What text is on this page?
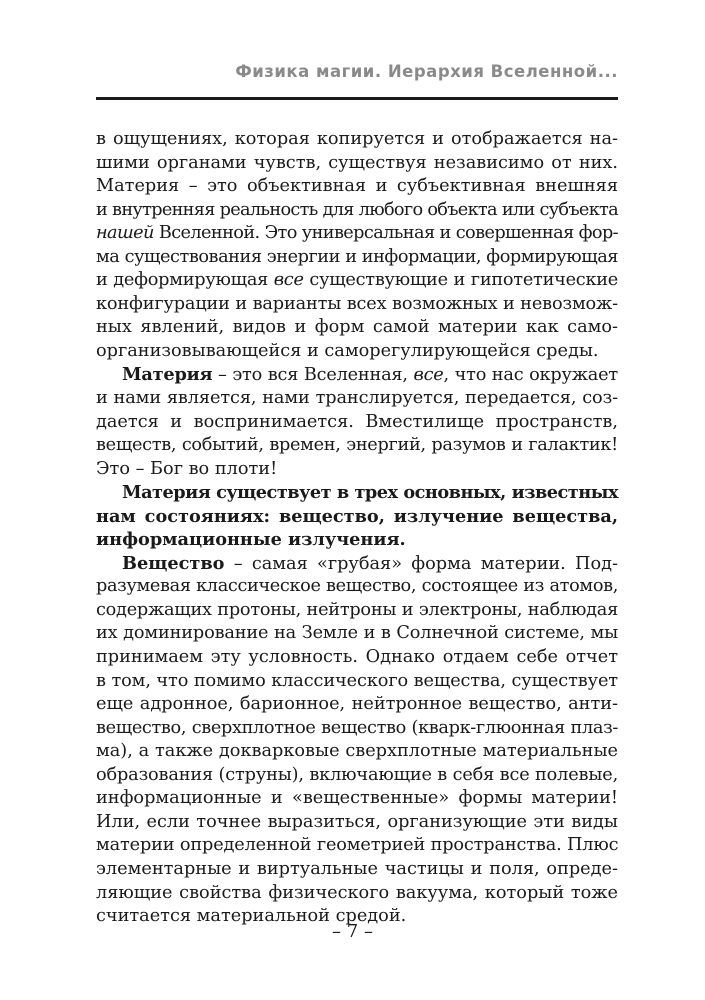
Физика магии. Иерархия Вселенной...
в ощущениях, которая копируется и отображается на-
шими органами чувств, существуя независимо от них.
Материя – это объективная и субъективная внешняя
и внутренняя реальность для любого объекта или субъекта
нашей Вселенной. Это универсальная и совершенная фор-
ма существования энергии и информации, формирующая
и деформирующая все существующие и гипотетические
конфигурации и варианты всех возможных и невозмож-
ных явлений, видов и форм самой материи как само-
организовывающейся и саморегулирующейся среды.
Материя – это вся Вселенная, все, что нас окружает
и нами является, нами транслируется, передается, соз-
дается и воспринимается. Вместилище пространств,
веществ, событий, времен, энергий, разумов и галактик!
Это – Бог во плоти!
Материя существует в трех основных, известных
нам состояниях: вещество, излучение вещества,
информационные излучения.
Вещество – самая «грубая» форма материи. Под-
разумевая классическое вещество, состоящее из атомов,
содержащих протоны, нейтроны и электроны, наблюдая
их доминирование на Земле и в Солнечной системе, мы
принимаем эту условность. Однако отдаем себе отчет
в том, что помимо классического вещества, существует
еще адронное, барионное, нейтронное вещество, анти-
вещество, сверхплотное вещество (кварк-глюонная плаз-
ма), а также докварковые сверхплотные материальные
образования (струны), включающие в себя все полевые,
информационные и «вещественные» формы материи!
Или, если точнее выразиться, организующие эти виды
материи определенной геометрией пространства. Плюс
элементарные и виртуальные частицы и поля, опреде-
ляющие свойства физического вакуума, который тоже
считается материальной средой.
– 7 –
